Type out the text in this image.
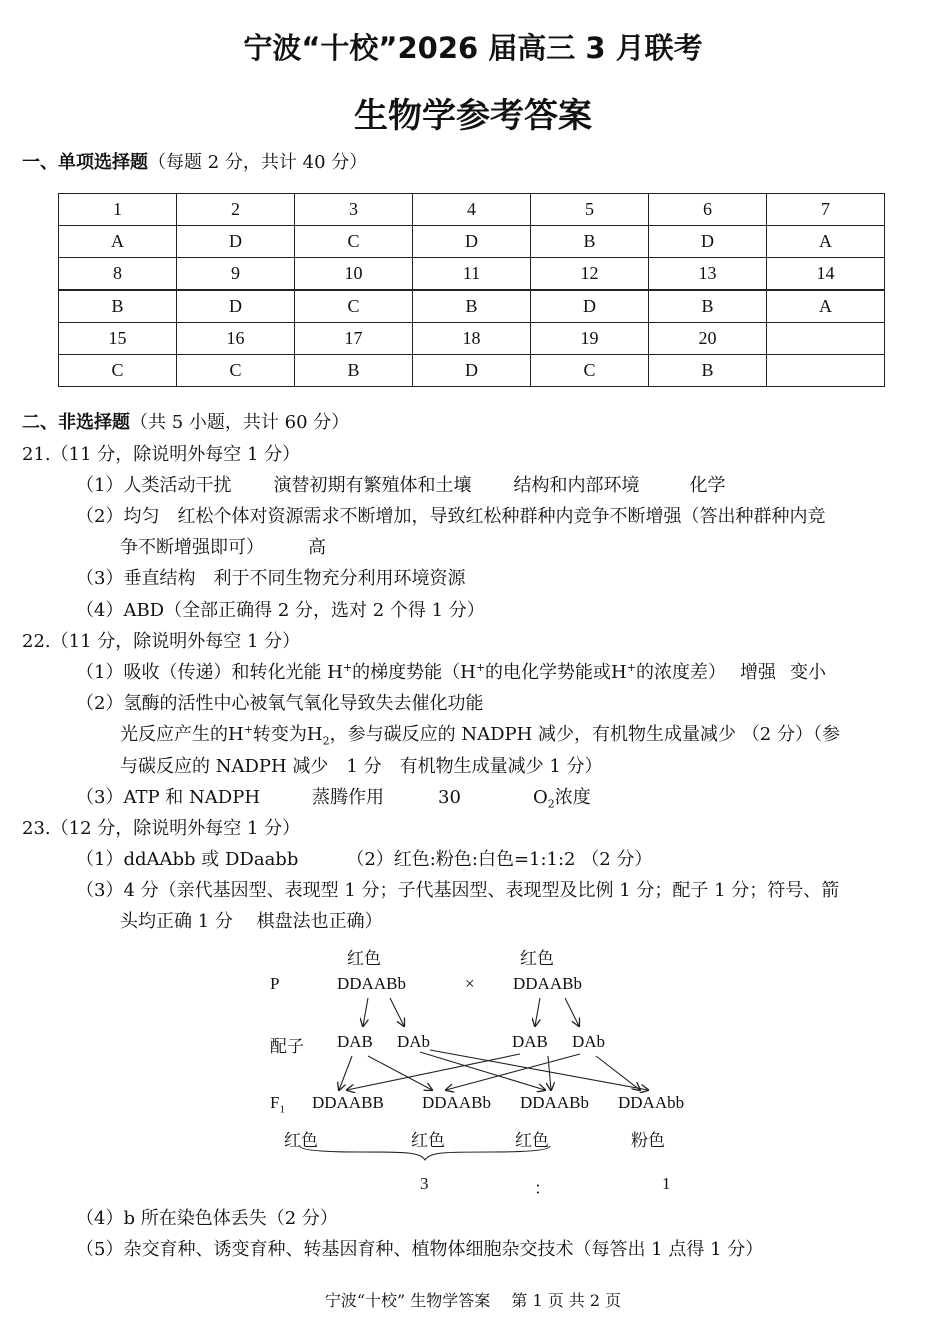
宁波“十校”2026 届高三 3 月联考
生物学参考答案
一、单项选择题（每题 2 分，共计 40 分）
1	2	3	4	5	6	7
A	D	C	D	B	D	A
8	9	10	11	12	13	14
B	D	C	B	D	B	A
15	16	17	18	19	20	
C	C	B	D	C	B	
二、非选择题（共 5 小题，共计 60 分）
21.（11 分，除说明外每空 1 分）
（1）人类活动干扰 演替初期有繁殖体和土壤 结构和内部环境	化学
（2）均匀　红松个体对资源需求不断增加，导致红松种群种内竞争不断增强（答出种群种内竞
争不断增强即可） 高
（3）垂直结构　利于不同生物充分利用环境资源
（4）ABD（全部正确得 2 分，选对 2 个得 1 分）
22.（11 分，除说明外每空 1 分）
（1）吸收（传递）和转化光能 H+的梯度势能（H+的电化学势能或H+的浓度差） 增强 变小
（2）氢酶的活性中心被氧气氧化导致失去催化功能
光反应产生的H+转变为$H_2$，参与碳反应的 NADPH 减少，有机物生成量减少 （2 分）（参
与碳反应的 NADPH 减少　1 分　有机物生成量减少 1 分）
（3）ATP 和 NADPH	蒸腾作用	30	$O_2$浓度
23.（12 分，除说明外每空 1 分）
（1）ddAAbb 或 DDaabb	（2）红色:粉色:白色=1:1:2 （2 分）
（3）4 分（亲代基因型、表现型 1 分；子代基因型、表现型及比例 1 分；配子 1 分；符号、箭
头均正确 1 分　 棋盘法也正确）
红色	红色
P	DDAABb	× DDAABb
配子 DAB DAb	DAB DAb
$F_1$ DDAABB DDAABb DDAABb DDAAbb
红色	红色	红色	粉色
3	：	1
（4）b 所在染色体丢失（2 分）
（5）杂交育种、诱变育种、转基因育种、植物体细胞杂交技术（每答出 1 点得 1 分）
宁波“十校” 生物学答案　 第 1 页 共 2 页
